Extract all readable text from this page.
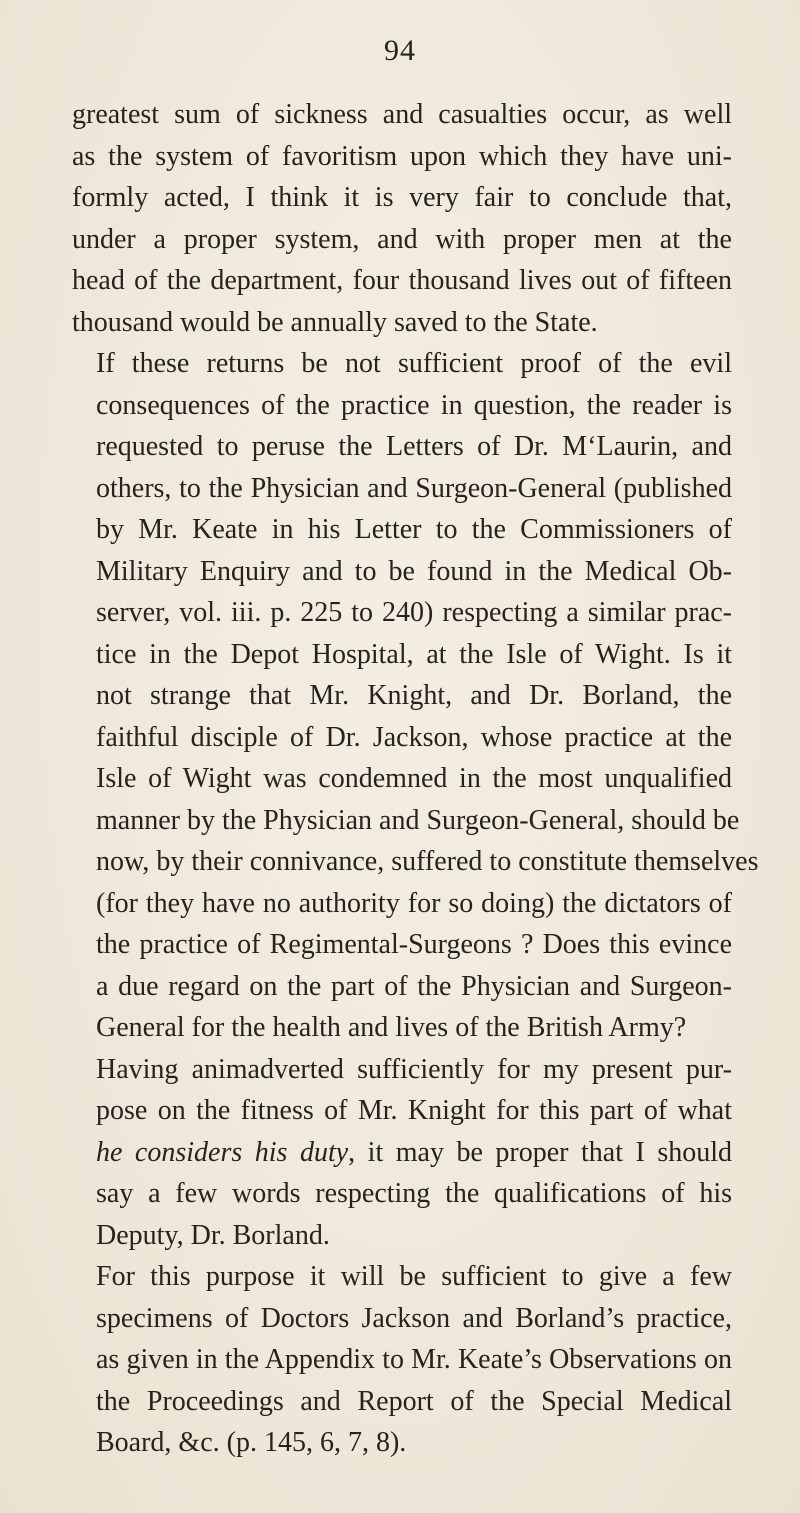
94

greatest sum of sickness and casualties occur, as well
as the system of favoritism upon which they have uni-
formly acted, I think it is very fair to conclude that,
under a proper system, and with proper men at the
head of the department, four thousand lives out of fifteen
thousand would be annually saved to the State.

If these returns be not sufficient proof of the evil
consequences of the practice in question, the reader is
requested to peruse the Letters of Dr. M‘Laurin, and
others, to the Physician and Surgeon-General (published
by Mr. Keate in his Letter to the Commissioners of
Military Enquiry and to be found in the Medical Ob-
server, vol. iii. p. 225 to 240) respecting a similar prac-
tice in the Depot Hospital, at the Isle of Wight. Is it
not strange that Mr. Knight, and Dr. Borland, the
faithful disciple of Dr. Jackson, whose practice at the
Isle of Wight was condemned in the most unqualified
manner by the Physician and Surgeon-General, should be
now, by their connivance, suffered to constitute themselves
(for they have no authority for so doing) the dictators of
the practice of Regimental-Surgeons ? Does this evince
a due regard on the part of the Physician and Surgeon-
General for the health and lives of the British Army?

Having animadverted sufficiently for my present pur-
pose on the fitness of Mr. Knight for this part of what
he considers his duty, it may be proper that I should
say a few words respecting the qualifications of his
Deputy, Dr. Borland.

For this purpose it will be sufficient to give a few
specimens of Doctors Jackson and Borland’s practice,
as given in the Appendix to Mr. Keate’s Observations on
the Proceedings and Report of the Special Medical
Board, &c. (p. 145, 6, 7, 8).
